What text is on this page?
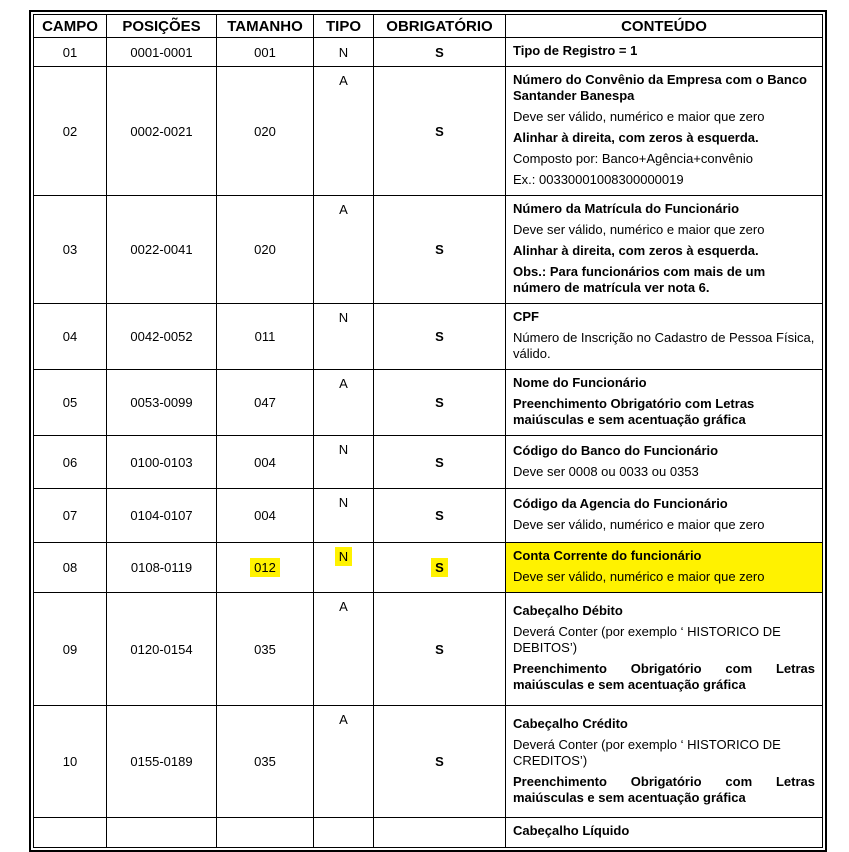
CAMPO	POSIÇÕES	TAMANHO	TIPO	OBRIGATÓRIO	CONTEÚDO
01	0001-0001	001	N	S	Tipo de Registro = 1

02	0002-0021	020	A	S	Número do Convênio da Empresa com o Banco Santander Banespa
Deve ser válido, numérico e maior que zero
Alinhar à direita, com zeros à esquerda.
Composto por: Banco+Agência+convênio
Ex.: 00330001008300000019

03	0022-0041	020	A	S	Número da Matrícula do Funcionário
Deve ser válido, numérico e maior que zero
Alinhar à direita, com zeros à esquerda.
Obs.: Para funcionários com mais de um número de matrícula ver nota 6.

04	0042-0052	011	N	S	CPF
Número de Inscrição no Cadastro de Pessoa Física, válido.

05	0053-0099	047	A	S	Nome do Funcionário
Preenchimento Obrigatório com Letras maiúsculas e sem acentuação gráfica

06	0100-0103	004	N	S	Código do Banco do Funcionário
Deve ser 0008 ou 0033 ou 0353

07	0104-0107	004	N	S	Código da Agencia do Funcionário
Deve ser válido, numérico e maior que zero

08	0108-0119	012	N	S	Conta Corrente do funcionário
Deve ser válido, numérico e maior que zero

09	0120-0154	035	A	S	Cabeçalho Débito
Deverá Conter (por exemplo ‘ HISTORICO DE DEBITOS’)
Preenchimento Obrigatório com Letras maiúsculas e sem acentuação gráfica

10	0155-0189	035	A	S	Cabeçalho Crédito
Deverá Conter (por exemplo ‘ HISTORICO DE CREDITOS’)
Preenchimento Obrigatório com Letras maiúsculas e sem acentuação gráfica

					Cabeçalho Líquido
